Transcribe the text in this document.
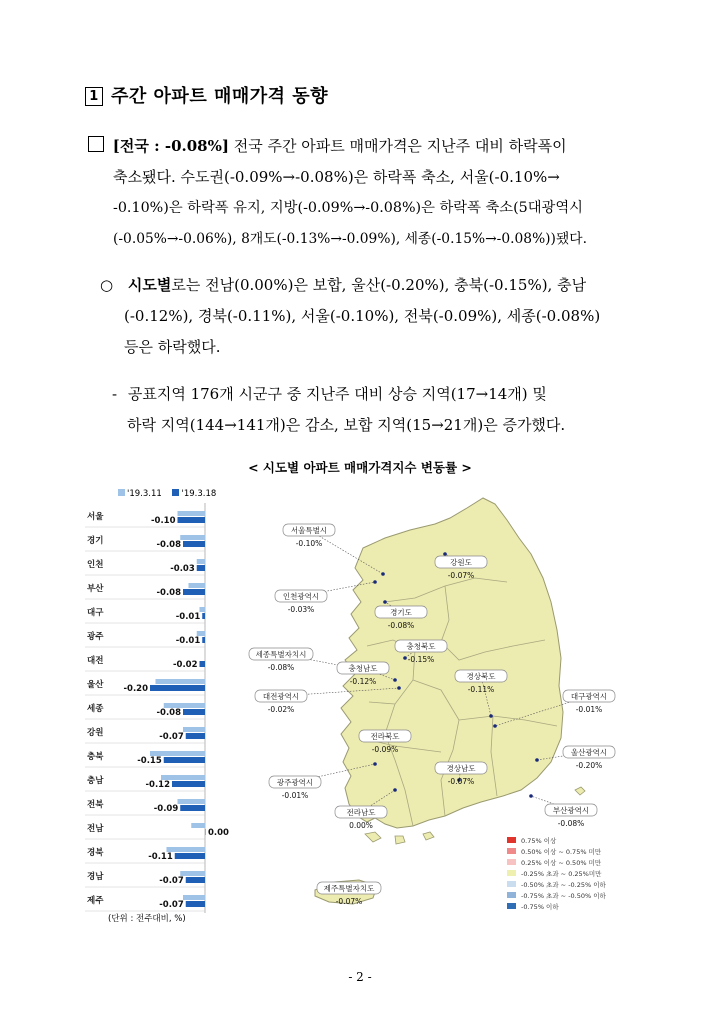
1 주간 아파트 매매가격 동향
[전국 : -0.08%] 전국 주간 아파트 매매가격은 지난주 대비 하락폭이
축소됐다. 수도권(-0.09%→-0.08%)은 하락폭 축소, 서울(-0.10%→
-0.10%)은 하락폭 유지, 지방(-0.09%→-0.08%)은 하락폭 축소(5대광역시
(-0.05%→-0.06%), 8개도(-0.13%→-0.09%), 세종(-0.15%→-0.08%))됐다.
○ 시도별로는 전남(0.00%)은 보합, 울산(-0.20%), 충북(-0.15%), 충남
(-0.12%), 경북(-0.11%), 서울(-0.10%), 전북(-0.09%), 세종(-0.08%)
등은 하락했다.
- 공표지역 176개 시군구 중 지난주 대비 상승 지역(17→14개) 및
하락 지역(144→141개)은 감소, 보합 지역(15→21개)은 증가했다.
< 시도별 아파트 매매가격지수 변동률 >
'19.3.11 '19.3.18
서울	-0.10
경기	-0.08
인천	-0.03
부산	-0.08
대구	-0.01
광주	-0.01
대전	-0.02
울산 -0.20
세종	-0.08
강원	-0.07
충북	-0.15
충남	-0.12
전북	-0.09
전남	0.00
경북	-0.11
경남	-0.07
제주	-0.07
(단위 : 전주대비, %)
서울특별시
-0.10%
인천광역시
-0.03%	경기도
-0.08%
강원도
-0.07%
충청북도
-0.15%
세종특별자치시
-0.08%	충청남도
-0.12%
대전광역시
-0.02%
경상북도
-0.11%
대구광역시
-0.01%
전라북도
-0.09%	울산광역시
-0.20%
광주광역시
-0.01%
경상남도
-0.07%
전라남도
0.00%
부산광역시
-0.08%
제주특별자치도
-0.07%
0.75% 이상
0.50% 이상 ~ 0.75% 미만
0.25% 이상 ~ 0.50% 미만
-0.25% 초과 ~ 0.25%미만
-0.50% 초과 ~ -0.25% 이하
-0.75% 초과 ~ -0.50% 이하
-0.75% 이하
- 2 -
